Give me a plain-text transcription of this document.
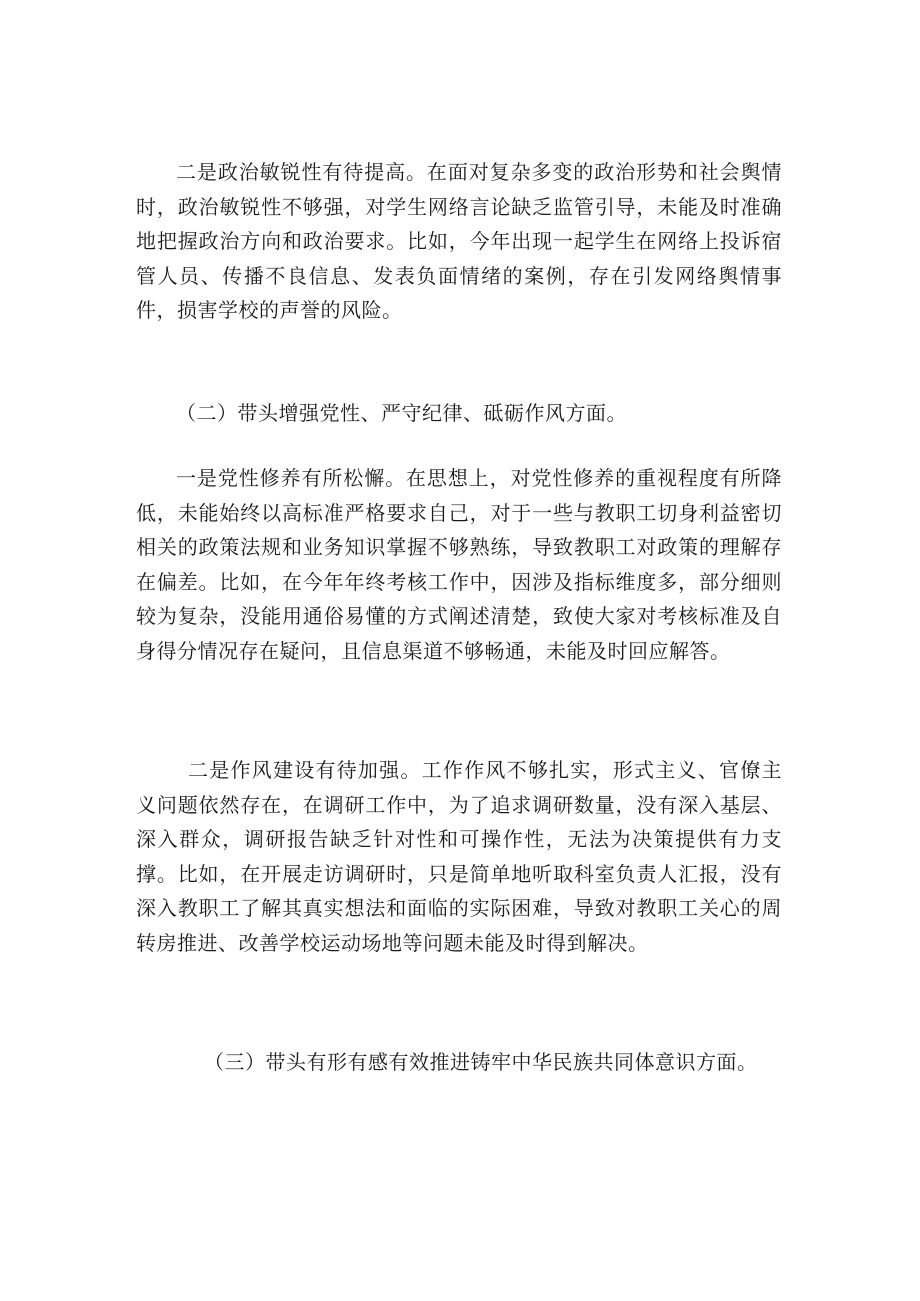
二是政治敏锐性有待提高。在面对复杂多变的政治形势和社会舆情时，政治敏锐性不够强，对学生网络言论缺乏监管引导，未能及时准确地把握政治方向和政治要求。比如，今年出现一起学生在网络上投诉宿管人员、传播不良信息、发表负面情绪的案例，存在引发网络舆情事件，损害学校的声誉的风险。

（二）带头增强党性、严守纪律、砥砺作风方面。

一是党性修养有所松懈。在思想上，对党性修养的重视程度有所降低，未能始终以高标准严格要求自己，对于一些与教职工切身利益密切相关的政策法规和业务知识掌握不够熟练，导致教职工对政策的理解存在偏差。比如，在今年年终考核工作中，因涉及指标维度多，部分细则较为复杂，没能用通俗易懂的方式阐述清楚，致使大家对考核标准及自身得分情况存在疑问，且信息渠道不够畅通，未能及时回应解答。

二是作风建设有待加强。工作作风不够扎实，形式主义、官僚主义问题依然存在，在调研工作中，为了追求调研数量，没有深入基层、深入群众，调研报告缺乏针对性和可操作性，无法为决策提供有力支撑。比如，在开展走访调研时，只是简单地听取科室负责人汇报，没有深入教职工了解其真实想法和面临的实际困难，导致对教职工关心的周转房推进、改善学校运动场地等问题未能及时得到解决。

（三）带头有形有感有效推进铸牢中华民族共同体意识方面。
